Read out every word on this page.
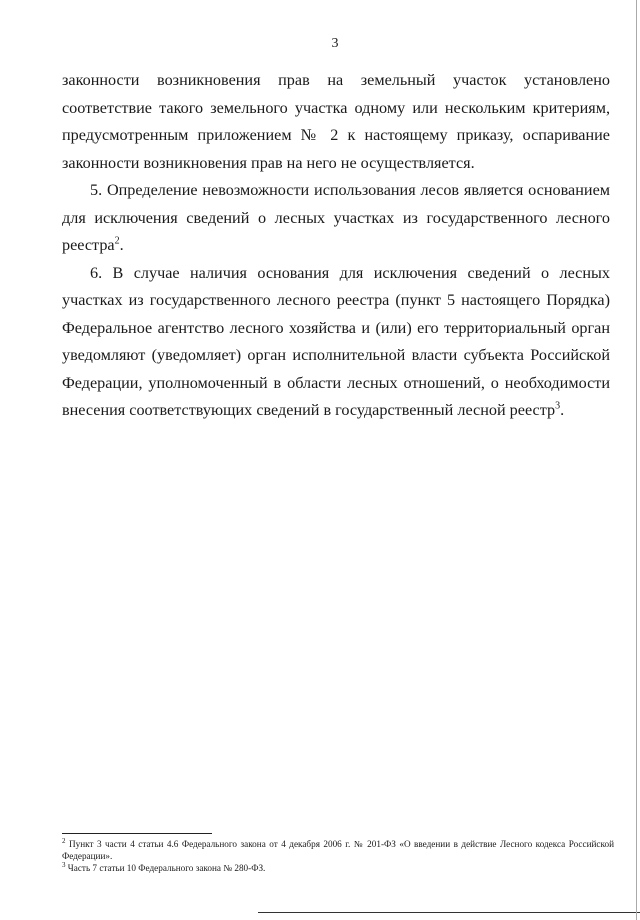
3

законности возникновения прав на земельный участок установлено соответствие такого земельного участка одному или нескольким критериям, предусмотренным приложением № 2 к настоящему приказу, оспаривание законности возникновения прав на него не осуществляется.

5. Определение невозможности использования лесов является основанием для исключения сведений о лесных участках из государственного лесного реестра$^2$.

6. В случае наличия основания для исключения сведений о лесных участках из государственного лесного реестра (пункт 5 настоящего Порядка) Федеральное агентство лесного хозяйства и (или) его территориальный орган уведомляют (уведомляет) орган исполнительной власти субъекта Российской Федерации, уполномоченный в области лесных отношений, о необходимости внесения соответствующих сведений в государственный лесной реестр$^3$.

$^2$ Пункт 3 части 4 статьи 4.6 Федерального закона от 4 декабря 2006 г. № 201-ФЗ «О введении в действие Лесного кодекса Российской Федерации».

$^3$ Часть 7 статьи 10 Федерального закона № 280-ФЗ.
